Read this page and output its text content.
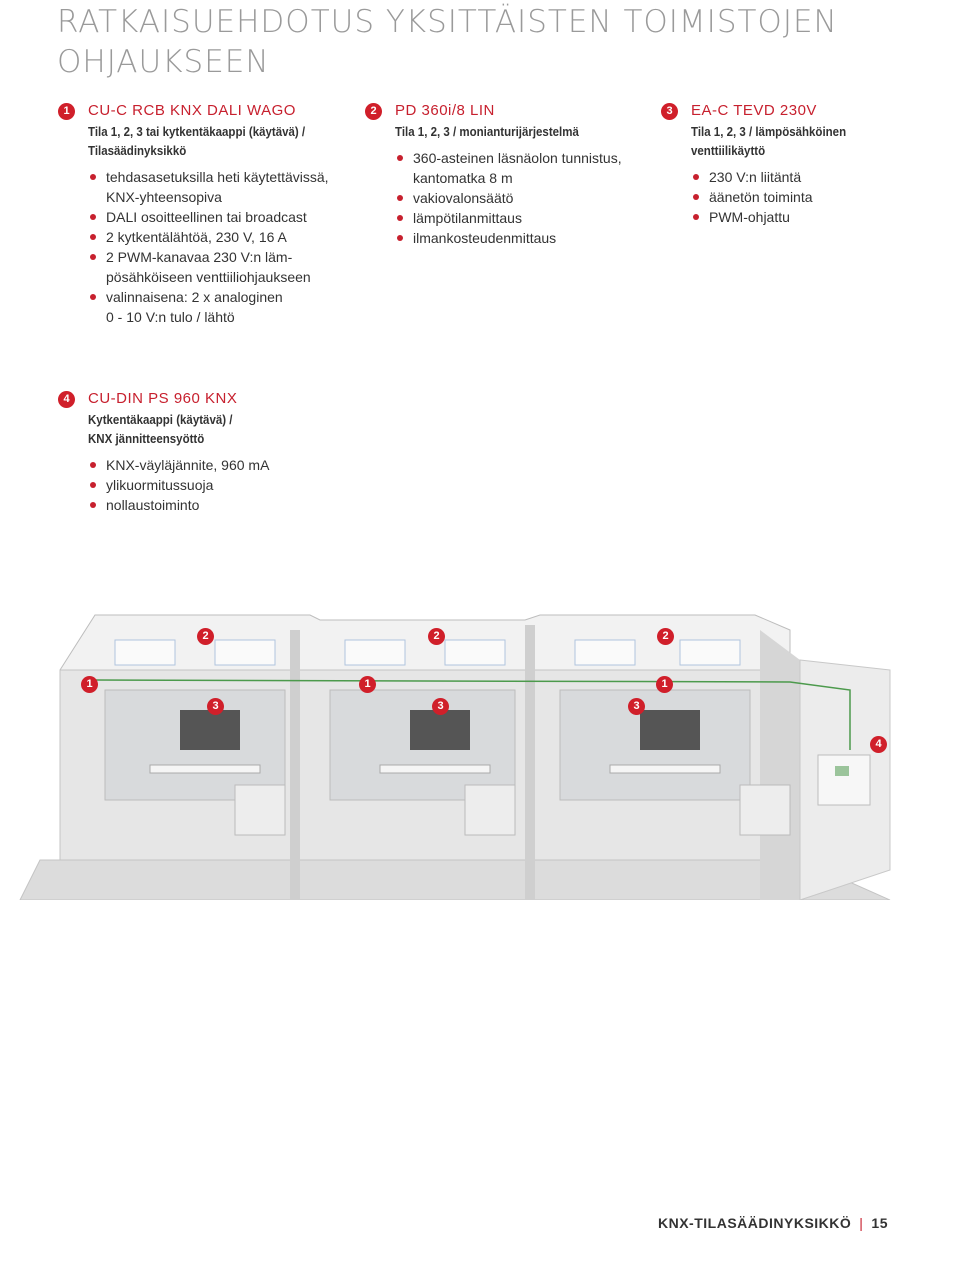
RATKAISUEHDOTUS YKSITTÄISTEN TOIMISTOJEN OHJAUKSEEN
1	CU-C RCB KNX DALI WAGO
Tila 1, 2, 3 tai kytkentäkaappi (käytävä) /
Tilasäädinyksikkö
tehdasasetuksilla heti käytettävissä,
KNX-yhteensopiva
DALI osoitteellinen tai broadcast
2 kytkentälähtöä, 230 V, 16 A
2 PWM-kanavaa 230 V:n läm-
pösähköiseen venttiiliohjaukseen
valinnaisena: 2 x analoginen
0 - 10 V:n tulo / lähtö
2	PD 360i/8 LIN
Tila 1, 2, 3 / monianturijärjestelmä
360-asteinen läsnäolon tunnistus,
kantomatka 8 m
vakiovalonsäätö
lämpötilanmittaus
ilmankosteudenmittaus
3	EA-C TEVD 230V
Tila 1, 2, 3 / lämpösähköinen
venttiilikäyttö
230 V:n liitäntä
äänetön toiminta
PWM-ohjattu
4	CU-DIN PS 960 KNX
Kytkentäkaappi (käytävä) /
KNX jännitteensyöttö
KNX-väyläjännite, 960 mA
ylikuormitussuoja
nollaustoiminto
2	2	2
1	1	1
3	3	3
4
KNX-TILASÄÄDINYKSIKKÖ | 15
